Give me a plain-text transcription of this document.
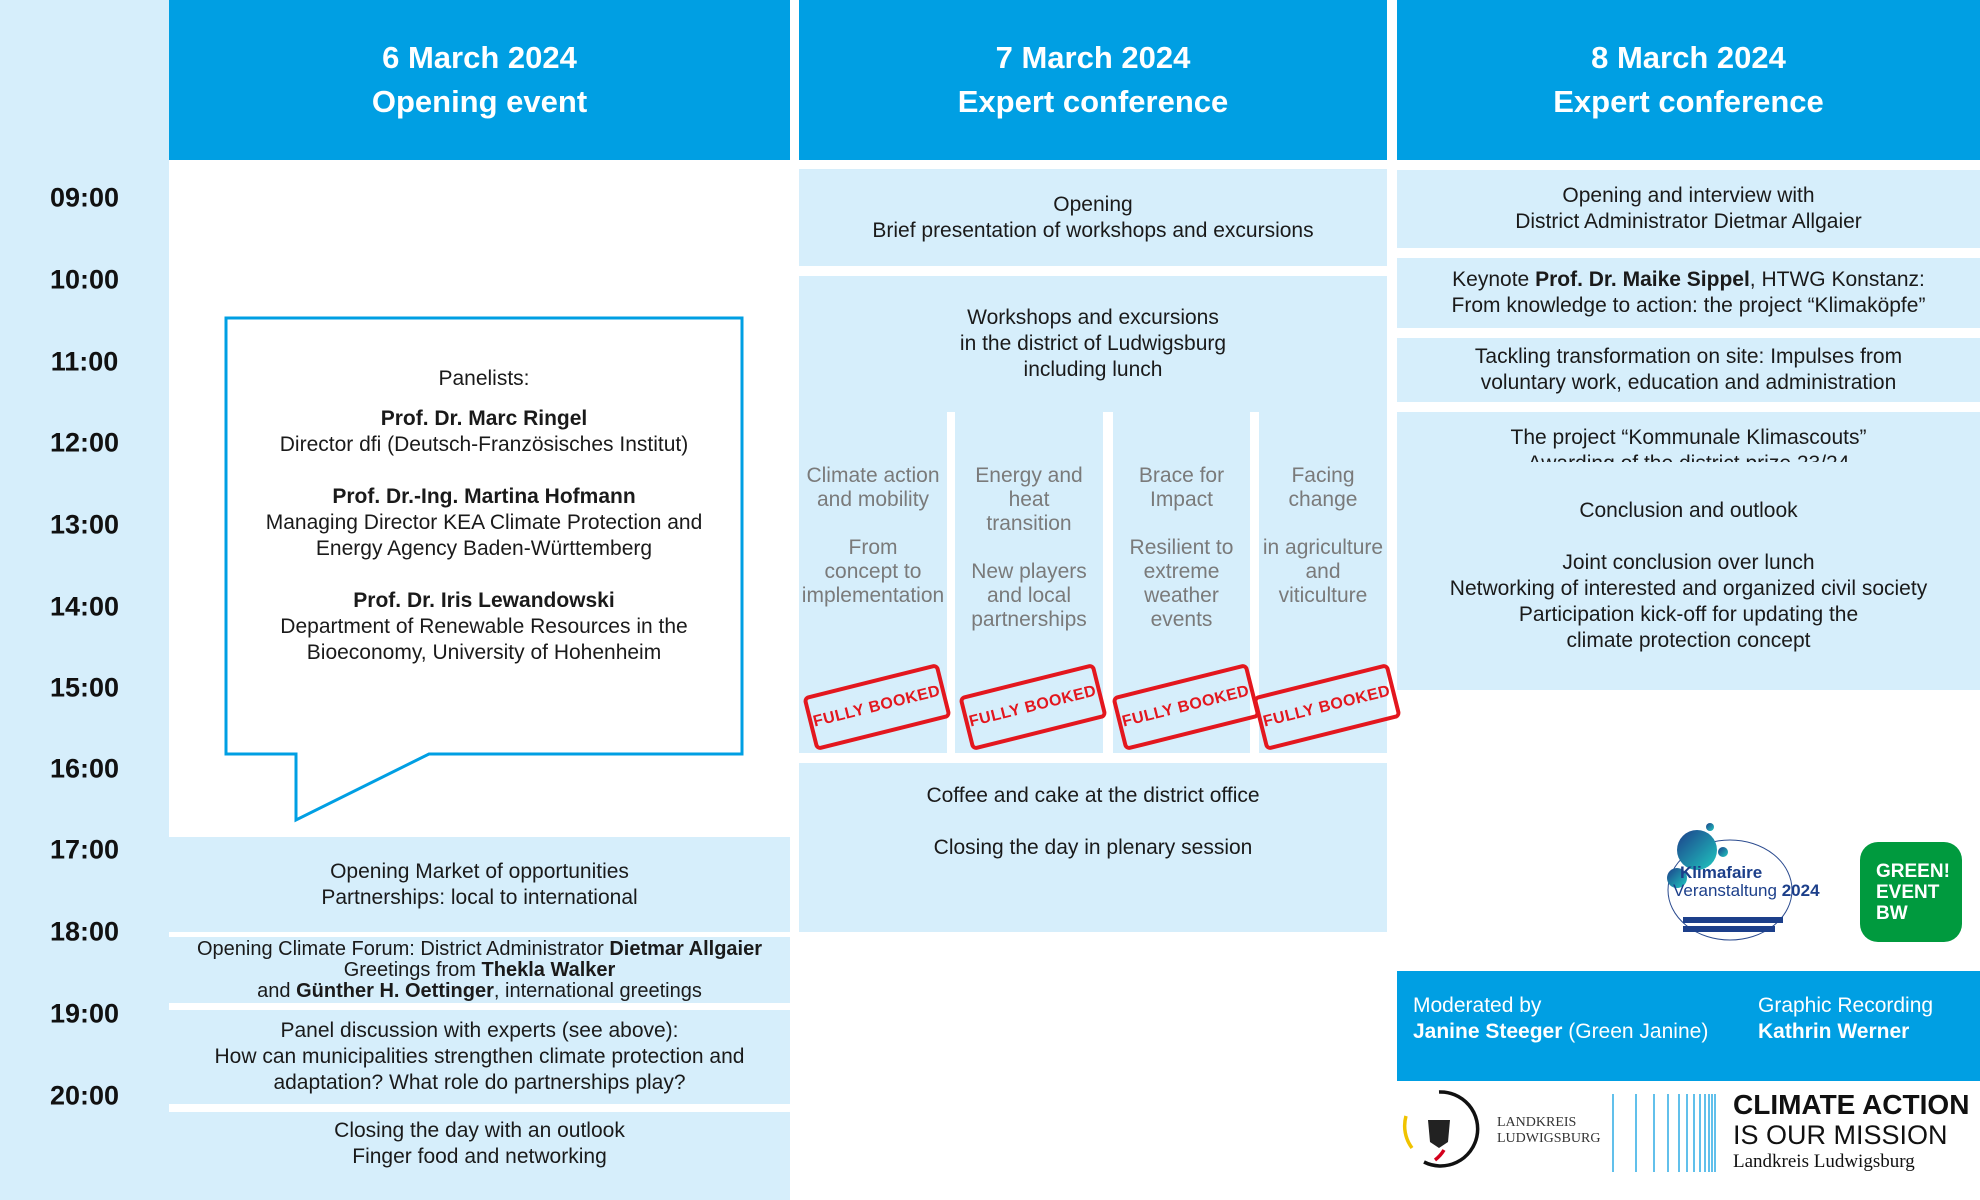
09:00
10:00
11:00
12:00
13:00
14:00
15:00
16:00
17:00
18:00
19:00
20:00
6 March 2024
Opening event
7 March 2024
Expert conference
8 March 2024
Expert conference
Panelists:
Prof. Dr. Marc Ringel
Director dfi (Deutsch-Französisches Institut)
Prof. Dr.-Ing. Martina Hofmann
Managing Director KEA Climate Protection and
Energy Agency Baden-Württemberg
Prof. Dr. Iris Lewandowski
Department of Renewable Resources in the
Bioeconomy, University of Hohenheim
Opening Market of opportunities
Partnerships: local to international
Opening Climate Forum: District Administrator Dietmar Allgaier
Greetings from Thekla Walker
and Günther H. Oettinger, international greetings
Panel discussion with experts (see above):
How can municipalities strengthen climate protection and
adaptation? What role do partnerships play?
Closing the day with an outlook
Finger food and networking
Opening
Brief presentation of workshops and excursions
Workshops and excursions
in the district of Ludwigsburg
including lunch
Climate action
and mobility
From
concept to
implementation
FULLY BOOKED
Energy and
heat
transition
New players
and local
partnerships
FULLY BOOKED
Brace for
Impact
Resilient to
extreme
weather
events
FULLY BOOKED
Facing
change
in agriculture
and
viticulture
FULLY BOOKED
Coffee and cake at the district office
Closing the day in plenary session
Opening and interview with
District Administrator Dietmar Allgaier
Keynote Prof. Dr. Maike Sippel, HTWG Konstanz:
From knowledge to action: the project “Klimaköpfe”
Tackling transformation on site: Impulses from
voluntary work, education and administration
The project “Kommunale Klimascouts”
Conclusion and outlook
Joint conclusion over lunch
Networking of interested and organized civil society
Participation kick-off for updating the
climate protection concept
Klimafaire
Veranstaltung 2024
GREEN!
EVENT
BW
Moderated by
Janine Steeger (Green Janine)
Graphic Recording
Kathrin Werner
LANDKREIS
LUDWIGSBURG
CLIMATE ACTION
IS OUR MISSION
Landkreis Ludwigsburg
